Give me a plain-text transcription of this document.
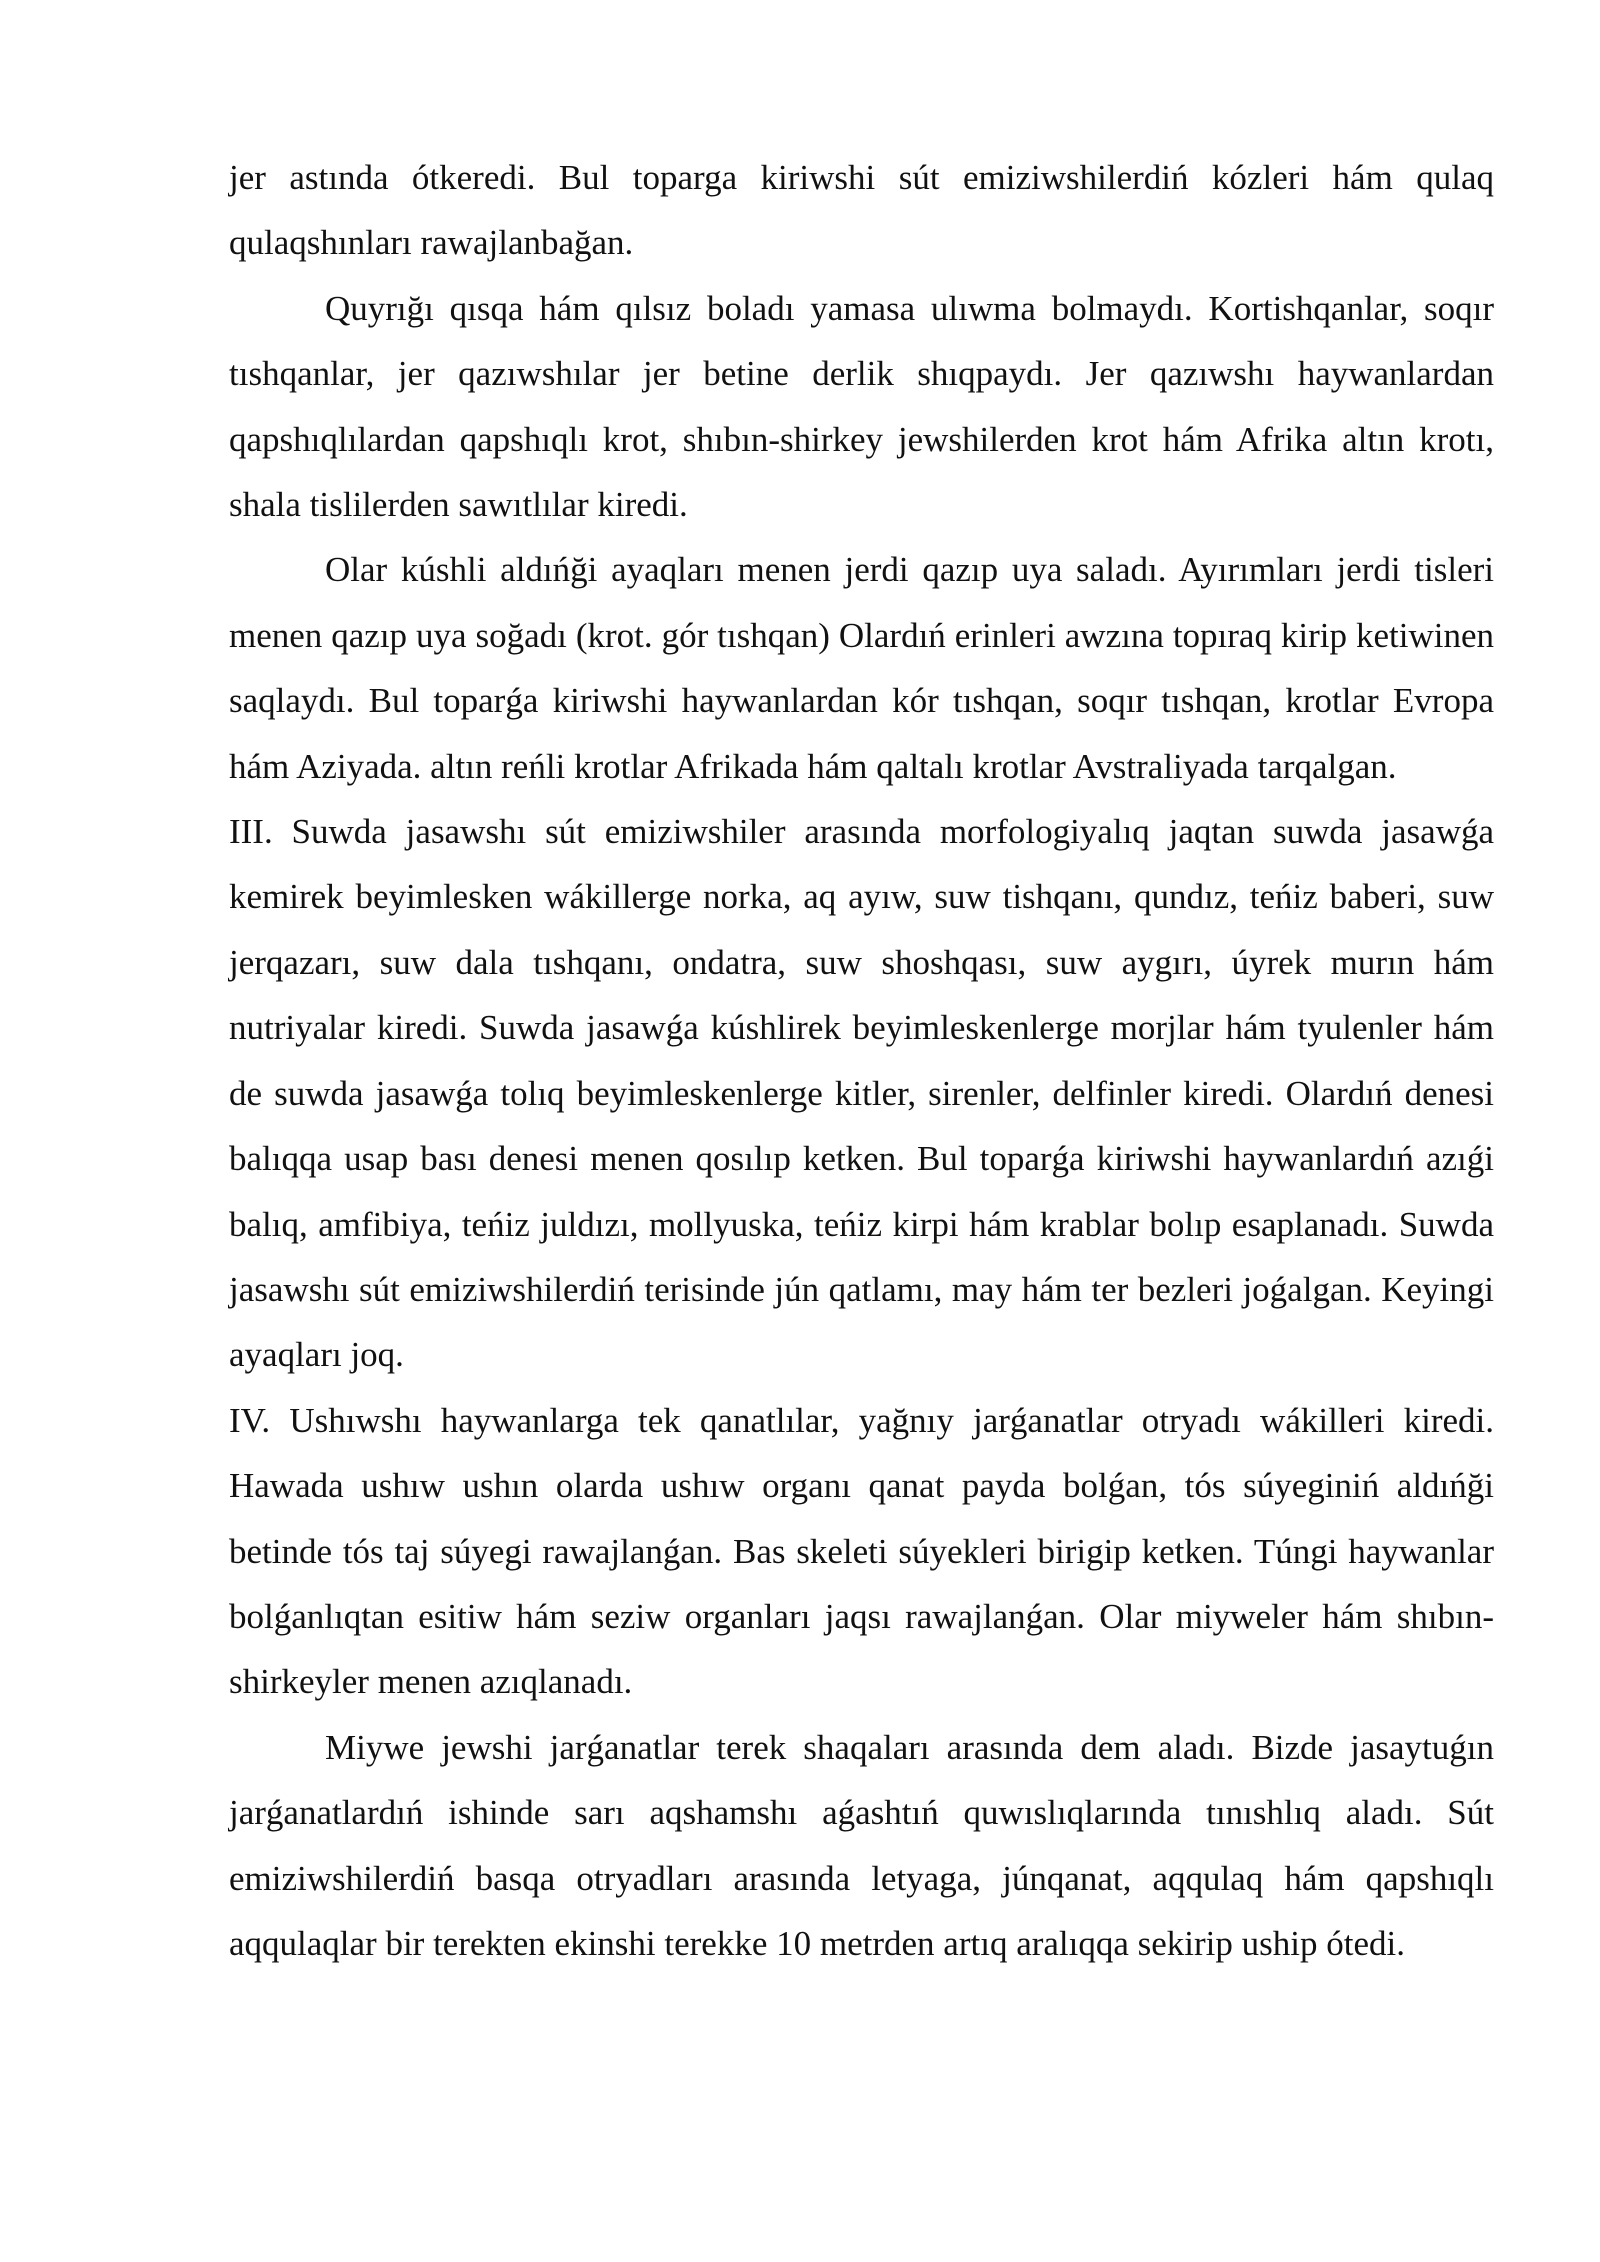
jer astında ótkeredi. Bul toparga kiriwshi sút emiziwshilerdiń kózleri hám qulaq qulaqshınları rawajlanbağan.

Quyrığı qısqa hám qılsız boladı yamasa ulıwma bolmaydı. Kortishqanlar, soqır tıshqanlar, jer qazıwshılar jer betine derlik shıqpaydı. Jer qazıwshı haywanlardan qapshıqlılardan qapshıqlı krot, shıbın-shirkey jewshilerden krot hám Afrika altın krotı, shala tislilerden sawıtlılar kiredi.

Olar kúshli aldıńği ayaqları menen jerdi qazıp uya saladı. Ayırımları jerdi tisleri menen qazıp uya soğadı (krot. gór tıshqan) Olardıń erinleri awzına topıraq kirip ketiwinen saqlaydı. Bul toparǵa kiriwshi haywanlardan kór tıshqan, soqır tıshqan, krotlar Evropa hám Aziyada. altın reńli krotlar Afrikada hám qaltalı krotlar Avstraliyada tarqalgan.

III. Suwda jasawshı sút emiziwshiler arasında morfologiyalıq jaqtan suwda jasawǵa kemirek beyimlesken wákillerge norka, aq ayıw, suw tishqanı, qundız, teńiz baberi, suw jerqazarı, suw dala tıshqanı, ondatra, suw shoshqası, suw aygırı, úyrek murın hám nutriyalar kiredi. Suwda jasawǵa kúshlirek beyimleskenlerge morjlar hám tyulenler hám de suwda jasawǵa tolıq beyimleskenlerge kitler, sirenler, delfinler kiredi. Olardıń denesi balıqqa usap bası denesi menen qosılıp ketken. Bul toparǵa kiriwshi haywanlardıń azıǵi balıq, amfibiya, teńiz juldızı, mollyuska, teńiz kirpi hám krablar bolıp esaplanadı. Suwda jasawshı sút emiziwshilerdiń terisinde jún qatlamı, may hám ter bezleri joǵalgan. Keyingi ayaqları joq.

IV. Ushıwshı haywanlarga tek qanatlılar, yağnıy jarǵanatlar otryadı wákilleri kiredi. Hawada ushıw ushın olarda ushıw organı qanat payda bolǵan, tós súyeginiń aldıńği betinde tós taj súyegi rawajlanǵan. Bas skeleti súyekleri birigip ketken. Túngi haywanlar bolǵanlıqtan esitiw hám seziw organları jaqsı rawajlanǵan. Olar miyweler hám shıbın-shirkeyler menen azıqlanadı.

Miywe jewshi jarǵanatlar terek shaqaları arasında dem aladı. Bizde jasaytuǵın jarǵanatlardıń ishinde sarı aqshamshı aǵashtıń quwıslıqlarında tınıshlıq aladı. Sút emiziwshilerdiń basqa otryadları arasında letyaga, júnqanat, aqqulaq hám qapshıqlı aqqulaqlar bir terekten ekinshi terekke 10 metrden artıq aralıqqa sekirip uship ótedi.
